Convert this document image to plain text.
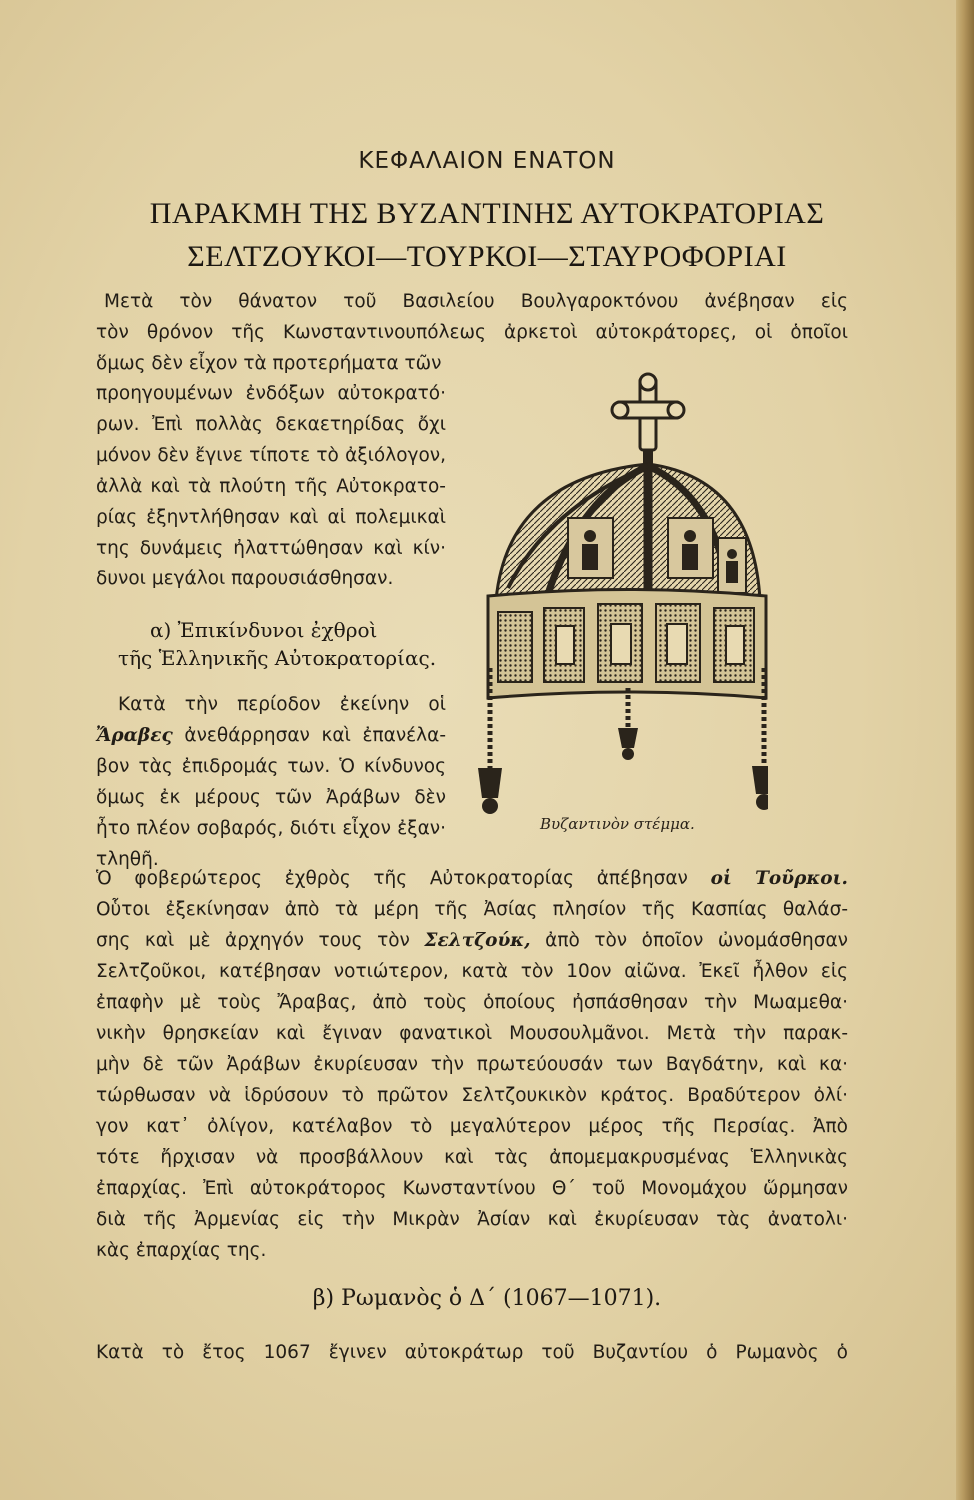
ΚΕΦΑΛΑΙΟΝ ΕΝΑΤΟΝ
ΠΑΡΑΚΜΗ ΤΗΣ ΒΥΖΑΝΤΙΝΗΣ ΑΥΤΟΚΡΑΤΟΡΙΑΣ
ΣΕΛΤΖΟΥΚΟΙ—ΤΟΥΡΚΟΙ—ΣΤΑΥΡΟΦΟΡΙΑΙ
Μετὰ τὸν θάνατον τοῦ Βασιλείου Βουλγαροκτόνου ἀνέβησαν εἰς
τὸν θρόνον τῆς Κωνσταντινουπόλεως ἀρκετοὶ αὐτοκράτορες, οἱ ὁποῖοι
ὅμως δὲν εἶχον τὰ προτερήματα τῶν
προηγουμένων ἐνδόξων αὐτοκρατό·
ρων. Ἐπὶ πολλὰς δεκαετηρίδας ὄχι
μόνον δὲν ἔγινε τίποτε τὸ ἀξιόλογον,
ἀλλὰ καὶ τὰ πλούτη τῆς Αὐτοκρατο-
ρίας ἐξηντλήθησαν καὶ αἱ πολεμικαὶ
της δυνάμεις ἠλαττώθησαν καὶ κίν·
δυνοι μεγάλοι παρουσιάσθησαν.
α) Ἐπικίνδυνοι ἐχθροὶ
τῆς Ἑλληνικῆς Αὐτοκρατορίας.
Κατὰ τὴν περίοδον ἐκείνην οἱ
Ἄραβες ἀνεθάρρησαν καὶ ἐπανέλα-
βον τὰς ἐπιδρομάς των. Ὁ κίνδυνος
ὅμως ἐκ μέρους τῶν Ἀράβων δὲν
ἦτο πλέον σοβαρός, διότι εἶχον ἐξαν·
τληθῆ.
Βυζαντινὸν στέμμα.
Ὁ φοβερώτερος ἐχθρὸς τῆς Αὐτοκρατορίας ἀπέβησαν οἱ Τοῦρκοι.
Οὗτοι ἐξεκίνησαν ἀπὸ τὰ μέρη τῆς Ἀσίας πλησίον τῆς Κασπίας θαλάσ-
σης καὶ μὲ ἀρχηγόν τους τὸν Σελτζούκ, ἀπὸ τὸν ὁποῖον ὠνομάσθησαν
Σελτζοῦκοι, κατέβησαν νοτιώτερον, κατὰ τὸν 10ον αἰῶνα. Ἐκεῖ ἦλθον εἰς
ἐπαφὴν μὲ τοὺς Ἄραβας, ἀπὸ τοὺς ὁποίους ἠσπάσθησαν τὴν Μωαμεθα·
νικὴν θρησκείαν καὶ ἔγιναν φανατικοὶ Μουσουλμᾶνοι. Μετὰ τὴν παρακ-
μὴν δὲ τῶν Ἀράβων ἐκυρίευσαν τὴν πρωτεύουσάν των Βαγδάτην, καὶ κα·
τώρθωσαν νὰ ἱδρύσουν τὸ πρῶτον Σελτζουκικὸν κράτος. Βραδύτερον ὀλί·
γον κατ᾿ ὀλίγον, κατέλαβον τὸ μεγαλύτερον μέρος τῆς Περσίας. Ἀπὸ
τότε ἤρχισαν νὰ προσβάλλουν καὶ τὰς ἀπομεμακρυσμένας Ἑλληνικὰς
ἐπαρχίας. Ἐπὶ αὐτοκράτορος Κωνσταντίνου Θ΄ τοῦ Μονομάχου ὥρμησαν
διὰ τῆς Ἀρμενίας εἰς τὴν Μικρὰν Ἀσίαν καὶ ἐκυρίευσαν τὰς ἀνατολι·
κὰς ἐπαρχίας της.
β) Ρωμανὸς ὁ Δ΄ (1067—1071).
Κατὰ τὸ ἔτος 1067 ἔγινεν αὐτοκράτωρ τοῦ Βυζαντίου ὁ Ρωμανὸς ὁ
